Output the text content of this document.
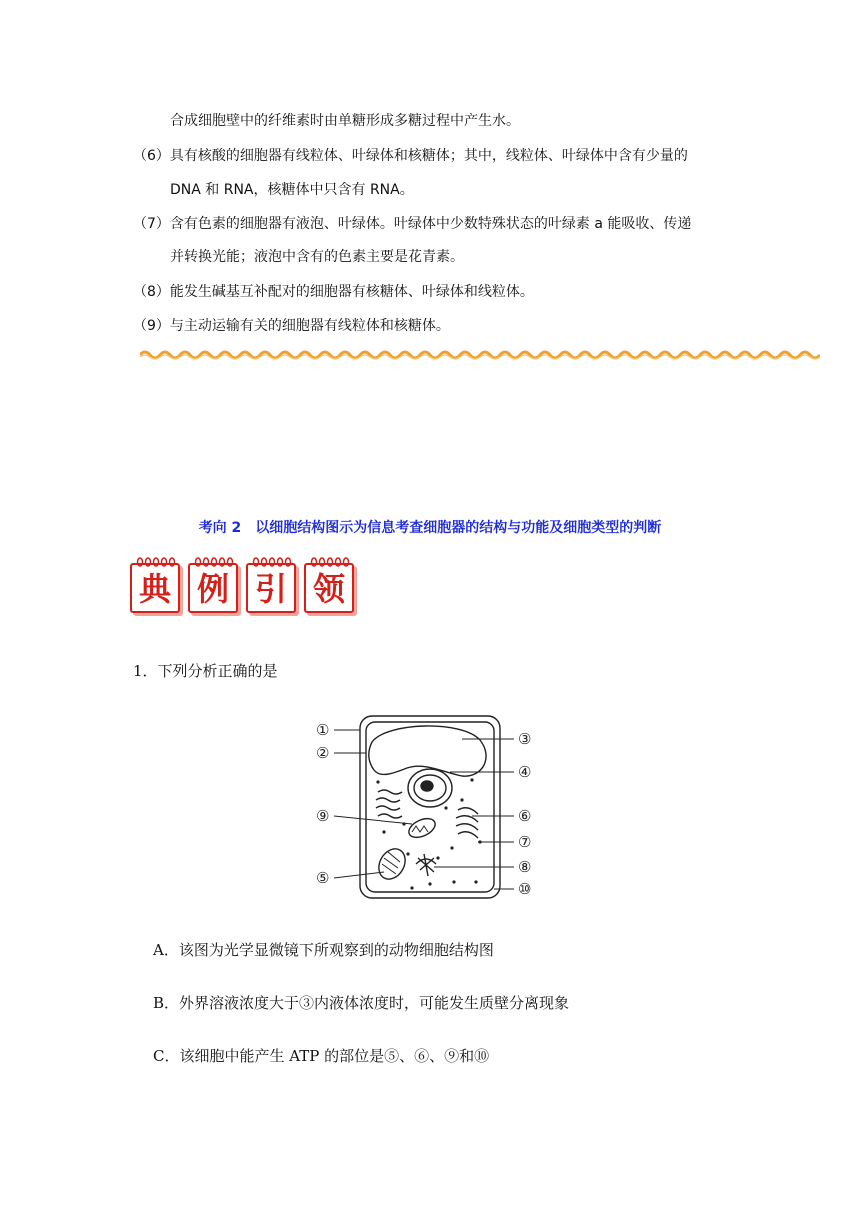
合成细胞壁中的纤维素时由单糖形成多糖过程中产生水。
（6）具有核酸的细胞器有线粒体、叶绿体和核糖体；其中，线粒体、叶绿体中含有少量的
DNA 和 RNA，核糖体中只含有 RNA。
（7）含有色素的细胞器有液泡、叶绿体。叶绿体中少数特殊状态的叶绿素 a 能吸收、传递
并转换光能；液泡中含有的色素主要是花青素。
（8）能发生碱基互补配对的细胞器有核糖体、叶绿体和线粒体。
（9）与主动运输有关的细胞器有线粒体和核糖体。
考向 2 以细胞结构图示为信息考查细胞器的结构与功能及细胞类型的判断
典 例 引 领
1．下列分析正确的是
①
②
③
④
⑨	⑥
⑦
⑧
⑤
⑩
A．该图为光学显微镜下所观察到的动物细胞结构图
B．外界溶液浓度大于③内液体浓度时，可能发生质壁分离现象
C．该细胞中能产生 ATP 的部位是⑤、⑥、⑨和⑩
